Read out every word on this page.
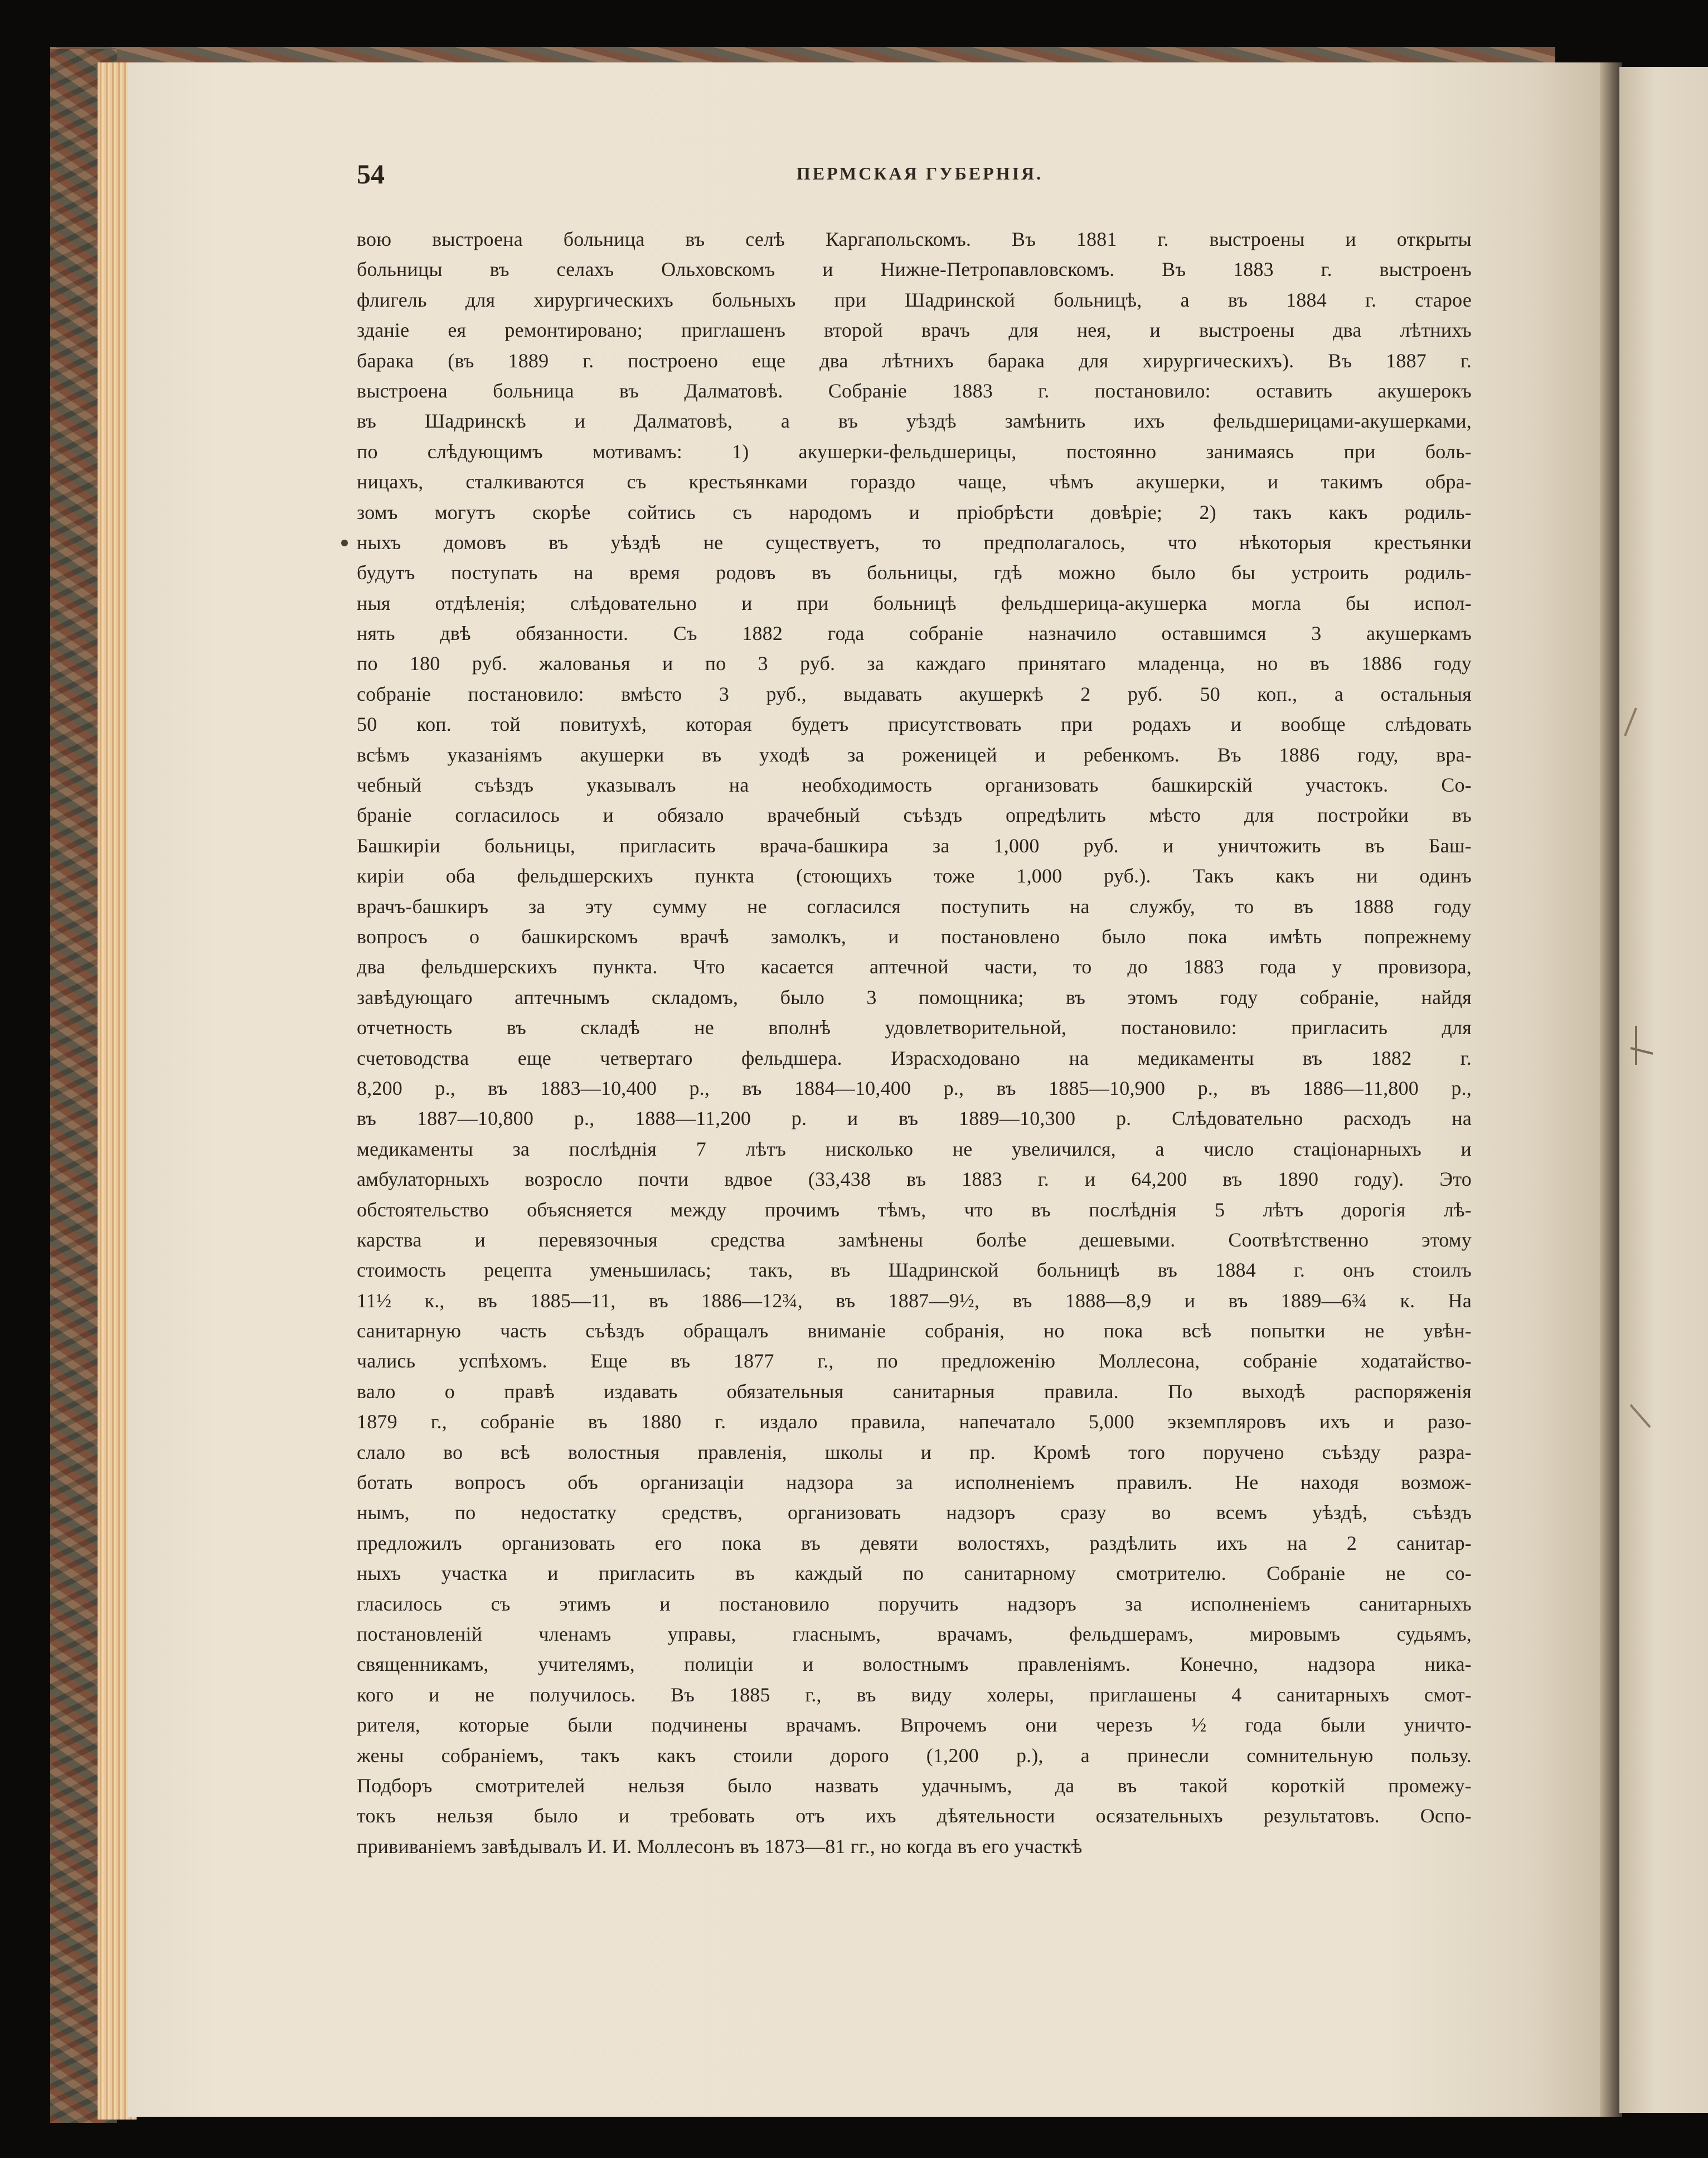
54	ПЕРМСКАЯ ГУБЕРНІЯ.
вою выстроена больница въ селѣ Каргапольскомъ. Въ 1881 г. выстроены и открыты
больницы въ селахъ Ольховскомъ и Нижне-Петропавловскомъ. Въ 1883 г. выстроенъ
флигель для хирургическихъ больныхъ при Шадринской больницѣ, а въ 1884 г. старое
зданіе ея ремонтировано; приглашенъ второй врачъ для нея, и выстроены два лѣтнихъ
барака (въ 1889 г. построено еще два лѣтнихъ барака для хирургическихъ). Въ 1887 г.
выстроена больница въ Далматовѣ. Собраніе 1883 г. постановило: оставить акушерокъ
въ Шадринскѣ и Далматовѣ, а въ уѣздѣ замѣнить ихъ фельдшерицами-акушерками,
по слѣдующимъ мотивамъ: 1) акушерки-фельдшерицы, постоянно занимаясь при боль-
ницахъ, сталкиваются съ крестьянками гораздо чаще, чѣмъ акушерки, и такимъ обра-
зомъ могутъ скорѣе сойтись съ народомъ и пріобрѣсти довѣріе; 2) такъ какъ родиль-
ныхъ домовъ въ уѣздѣ не существуетъ, то предполагалось, что нѣкоторыя крестьянки
будутъ поступать на время родовъ въ больницы, гдѣ можно было бы устроить родиль-
ныя отдѣленія; слѣдовательно и при больницѣ фельдшерица-акушерка могла бы испол-
нять двѣ обязанности. Съ 1882 года собраніе назначило оставшимся 3 акушеркамъ
по 180 руб. жалованья и по 3 руб. за каждаго принятаго младенца, но въ 1886 году
собраніе постановило: вмѣсто 3 руб., выдавать акушеркѣ 2 руб. 50 коп., а остальныя
50 коп. той повитухѣ, которая будетъ присутствовать при родахъ и вообще слѣдовать
всѣмъ указаніямъ акушерки въ уходѣ за роженицей и ребенкомъ. Въ 1886 году, вра-
чебный съѣздъ указывалъ на необходимость организовать башкирскій участокъ. Со-
браніе согласилось и обязало врачебный съѣздъ опредѣлить мѣсто для постройки въ
Башкиріи больницы, пригласить врача-башкира за 1,000 руб. и уничтожить въ Баш-
киріи оба фельдшерскихъ пункта (стоющихъ тоже 1,000 руб.). Такъ какъ ни одинъ
врачъ-башкиръ за эту сумму не согласился поступить на службу, то въ 1888 году
вопросъ о башкирскомъ врачѣ замолкъ, и постановлено было пока имѣть попрежнему
два фельдшерскихъ пункта. Что касается аптечной части, то до 1883 года у провизора,
завѣдующаго аптечнымъ складомъ, было 3 помощника; въ этомъ году собраніе, найдя
отчетность въ складѣ не вполнѣ удовлетворительной, постановило: пригласить для
счетоводства еще четвертаго фельдшера. Израсходовано на медикаменты въ 1882 г.
8,200 р., въ 1883—10,400 р., въ 1884—10,400 р., въ 1885—10,900 р., въ 1886—11,800 р.,
въ 1887—10,800 р., 1888—11,200 р. и въ 1889—10,300 р. Слѣдовательно расходъ на
медикаменты за послѣднія 7 лѣтъ нисколько не увеличился, а число стаціонарныхъ и
амбулаторныхъ возросло почти вдвое (33,438 въ 1883 г. и 64,200 въ 1890 году). Это
обстоятельство объясняется между прочимъ тѣмъ, что въ послѣднія 5 лѣтъ дорогія лѣ-
карства и перевязочныя средства замѣнены болѣе дешевыми. Соотвѣтственно этому
стоимость рецепта уменьшилась; такъ, въ Шадринской больницѣ въ 1884 г. онъ стоилъ
11½ к., въ 1885—11, въ 1886—12¾, въ 1887—9½, въ 1888—8,9 и въ 1889—6¾ к. На
санитарную часть съѣздъ обращалъ вниманіе собранія, но пока всѣ попытки не увѣн-
чались успѣхомъ. Еще въ 1877 г., по предложенію Моллесона, собраніе ходатайство-
вало о правѣ издавать обязательныя санитарныя правила. По выходѣ распоряженія
1879 г., собраніе въ 1880 г. издало правила, напечатало 5,000 экземпляровъ ихъ и разо-
слало во всѣ волостныя правленія, школы и пр. Кромѣ того поручено съѣзду разра-
ботать вопросъ объ организаціи надзора за исполненіемъ правилъ. Не находя возмож-
нымъ, по недостатку средствъ, организовать надзоръ сразу во всемъ уѣздѣ, съѣздъ
предложилъ организовать его пока въ девяти волостяхъ, раздѣлить ихъ на 2 санитар-
ныхъ участка и пригласить въ каждый по санитарному смотрителю. Собраніе не со-
гласилось съ этимъ и постановило поручить надзоръ за исполненіемъ санитарныхъ
постановленій членамъ управы, гласнымъ, врачамъ, фельдшерамъ, мировымъ судьямъ,
священникамъ, учителямъ, полиціи и волостнымъ правленіямъ. Конечно, надзора ника-
кого и не получилось. Въ 1885 г., въ виду холеры, приглашены 4 санитарныхъ смот-
рителя, которые были подчинены врачамъ. Впрочемъ они черезъ ½ года были уничто-
жены собраніемъ, такъ какъ стоили дорого (1,200 р.), а принесли сомнительную пользу.
Подборъ смотрителей нельзя было назвать удачнымъ, да въ такой короткій промежу-
токъ нельзя было и требовать отъ ихъ дѣятельности осязательныхъ результатовъ. Оспо-
прививаніемъ завѣдывалъ И. И. Моллесонъ въ 1873—81 гг., но когда въ его участкѣ
